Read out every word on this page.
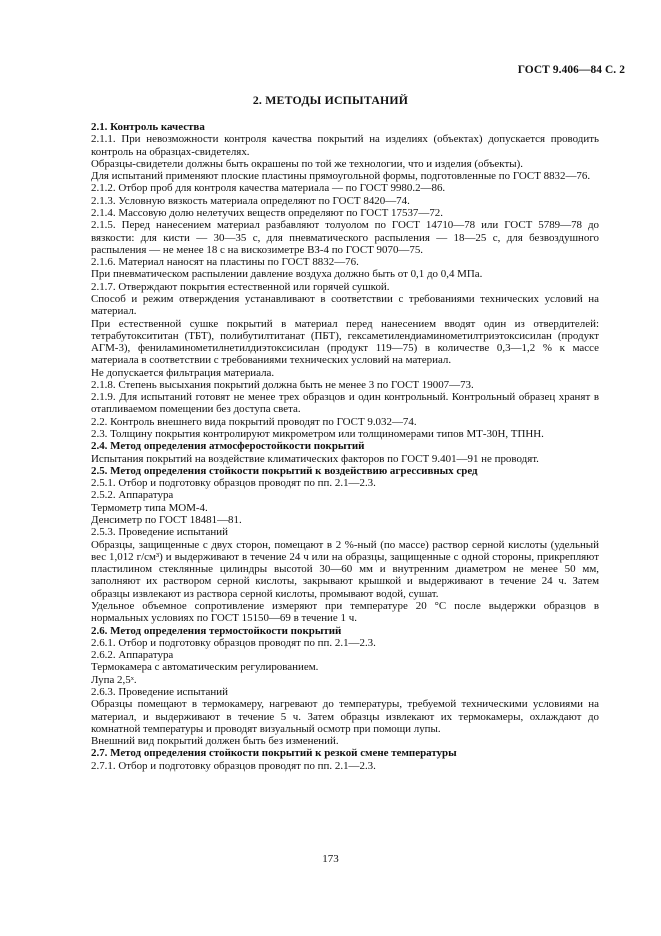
ГОСТ 9.406—84 С. 2
2. МЕТОДЫ ИСПЫТАНИЙ

2.1. Контроль качества

2.1.1. При невозможности контроля качества покрытий на изделиях (объектах) допускается проводить контроль на образцах-свидетелях.

Образцы-свидетели должны быть окрашены по той же технологии, что и изделия (объекты).

Для испытаний применяют плоские пластины прямоугольной формы, подготовленные по ГОСТ 8832—76.

2.1.2. Отбор проб для контроля качества материала — по ГОСТ 9980.2—86.

2.1.3. Условную вязкость материала определяют по ГОСТ 8420—74.

2.1.4. Массовую долю нелетучих веществ определяют по ГОСТ 17537—72.

2.1.5. Перед нанесением материал разбавляют толуолом по ГОСТ 14710—78 или ГОСТ 5789—78 до вязкости: для кисти — 30—35 с, для пневматического распыления — 18—25 с, для безвоздушного распыления — не менее 18 с на вискозиметре ВЗ-4 по ГОСТ 9070—75.

2.1.6. Материал наносят на пластины по ГОСТ 8832—76.

При пневматическом распылении давление воздуха должно быть от 0,1 до 0,4 МПа.

2.1.7. Отверждают покрытия естественной или горячей сушкой.

Способ и режим отверждения устанавливают в соответствии с требованиями технических условий на материал.

При естественной сушке покрытий в материал перед нанесением вводят один из отвердителей: тетрабутоксититан (ТБТ), полибутилтитанат (ПБТ), гексаметилендиаминометилтриэтоксисилан (продукт АГМ-3), фениламинометилнетилдиэтоксисилан (продукт 119—75) в количестве 0,3—1,2 % к массе материала в соответствии с требованиями технических условий на материал.

Не допускается фильтрация материала.

2.1.8. Степень высыхания покрытий должна быть не менее 3 по ГОСТ 19007—73.

2.1.9. Для испытаний готовят не менее трех образцов и один контрольный. Контрольный образец хранят в отапливаемом помещении без доступа света.

2.2. Контроль внешнего вида покрытий проводят по ГОСТ 9.032—74.

2.3. Толщину покрытия контролируют микрометром или толщиномерами типов МТ-30Н, ТПНН.

2.4. Метод определения атмосферостойкости покрытий

Испытания покрытий на воздействие климатических факторов по ГОСТ 9.401—91 не проводят.

2.5. Метод определения стойкости покрытий к воздействию агрессивных сред

2.5.1. Отбор и подготовку образцов проводят по пп. 2.1—2.3.

2.5.2. Аппаратура

Термометр типа МОМ-4.

Денсиметр по ГОСТ 18481—81.

2.5.3. Проведение испытаний

Образцы, защищенные с двух сторон, помещают в 2 %-ный (по массе) раствор серной кислоты (удельный вес 1,012 г/см³) и выдерживают в течение 24 ч или на образцы, защищенные с одной стороны, прикрепляют пластилином стеклянные цилиндры высотой 30—60 мм и внутренним диаметром не менее 50 мм, заполняют их раствором серной кислоты, закрывают крышкой и выдерживают в течение 24 ч. Затем образцы извлекают из раствора серной кислоты, промывают водой, сушат.

Удельное объемное сопротивление измеряют при температуре 20 °С после выдержки образцов в нормальных условиях по ГОСТ 15150—69 в течение 1 ч.

2.6. Метод определения термостойкости покрытий

2.6.1. Отбор и подготовку образцов проводят по пп. 2.1—2.3.

2.6.2. Аппаратура

Термокамера с автоматическим регулированием.

Лупа 2,5ˣ.

2.6.3. Проведение испытаний

Образцы помещают в термокамеру, нагревают до температуры, требуемой техническими условиями на материал, и выдерживают в течение 5 ч. Затем образцы извлекают их термокамеры, охлаждают до комнатной температуры и проводят визуальный осмотр при помощи лупы.

Внешний вид покрытий должен быть без изменений.

2.7. Метод определения стойкости покрытий к резкой смене температуры

2.7.1. Отбор и подготовку образцов проводят по пп. 2.1—2.3.

173
